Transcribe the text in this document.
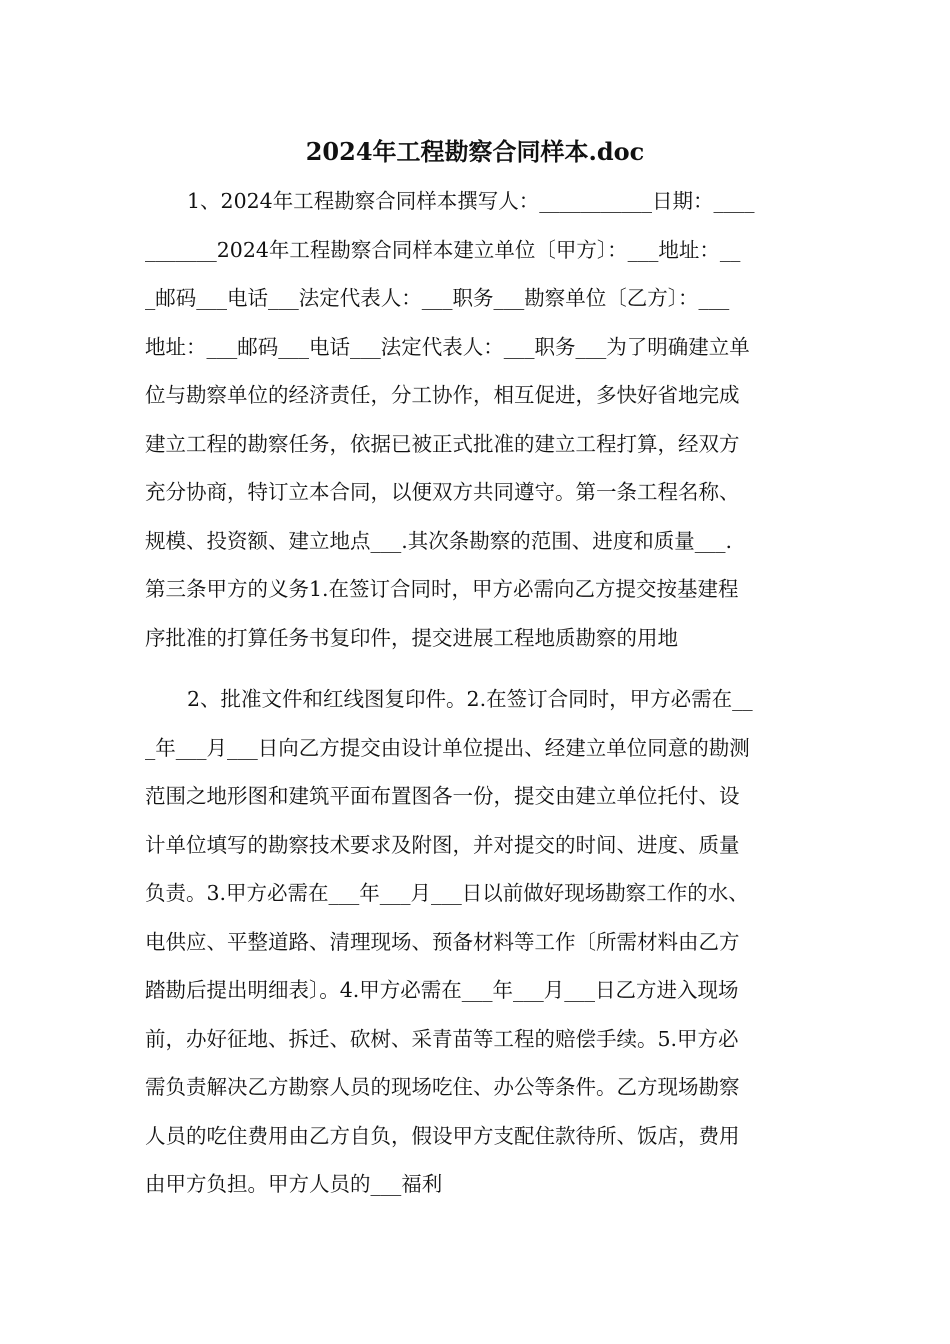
2024年工程勘察合同样本.doc
1、2024年工程勘察合同样本撰写人：___________日期：____
_______2024年工程勘察合同样本建立单位〔甲方〕：___地址：__
_邮码___电话___法定代表人：___职务___勘察单位〔乙方〕：___
地址：___邮码___电话___法定代表人：___职务___为了明确建立单
位与勘察单位的经济责任，分工协作，相互促进，多快好省地完成
建立工程的勘察任务，依据已被正式批准的建立工程打算，经双方
充分协商，特订立本合同，以便双方共同遵守。第一条工程名称、
规模、投资额、建立地点___.其次条勘察的范围、进度和质量___.
第三条甲方的义务1.在签订合同时，甲方必需向乙方提交按基建程
序批准的打算任务书复印件，提交进展工程地质勘察的用地
2、批准文件和红线图复印件。2.在签订合同时，甲方必需在__
_年___月___日向乙方提交由设计单位提出、经建立单位同意的勘测
范围之地形图和建筑平面布置图各一份，提交由建立单位托付、设
计单位填写的勘察技术要求及附图，并对提交的时间、进度、质量
负责。3.甲方必需在___年___月___日以前做好现场勘察工作的水、
电供应、平整道路、清理现场、预备材料等工作〔所需材料由乙方
踏勘后提出明细表〕。4.甲方必需在___年___月___日乙方进入现场
前，办好征地、拆迁、砍树、采青苗等工程的赔偿手续。5.甲方必
需负责解决乙方勘察人员的现场吃住、办公等条件。乙方现场勘察
人员的吃住费用由乙方自负，假设甲方支配住款待所、饭店，费用
由甲方负担。甲方人员的___福利
